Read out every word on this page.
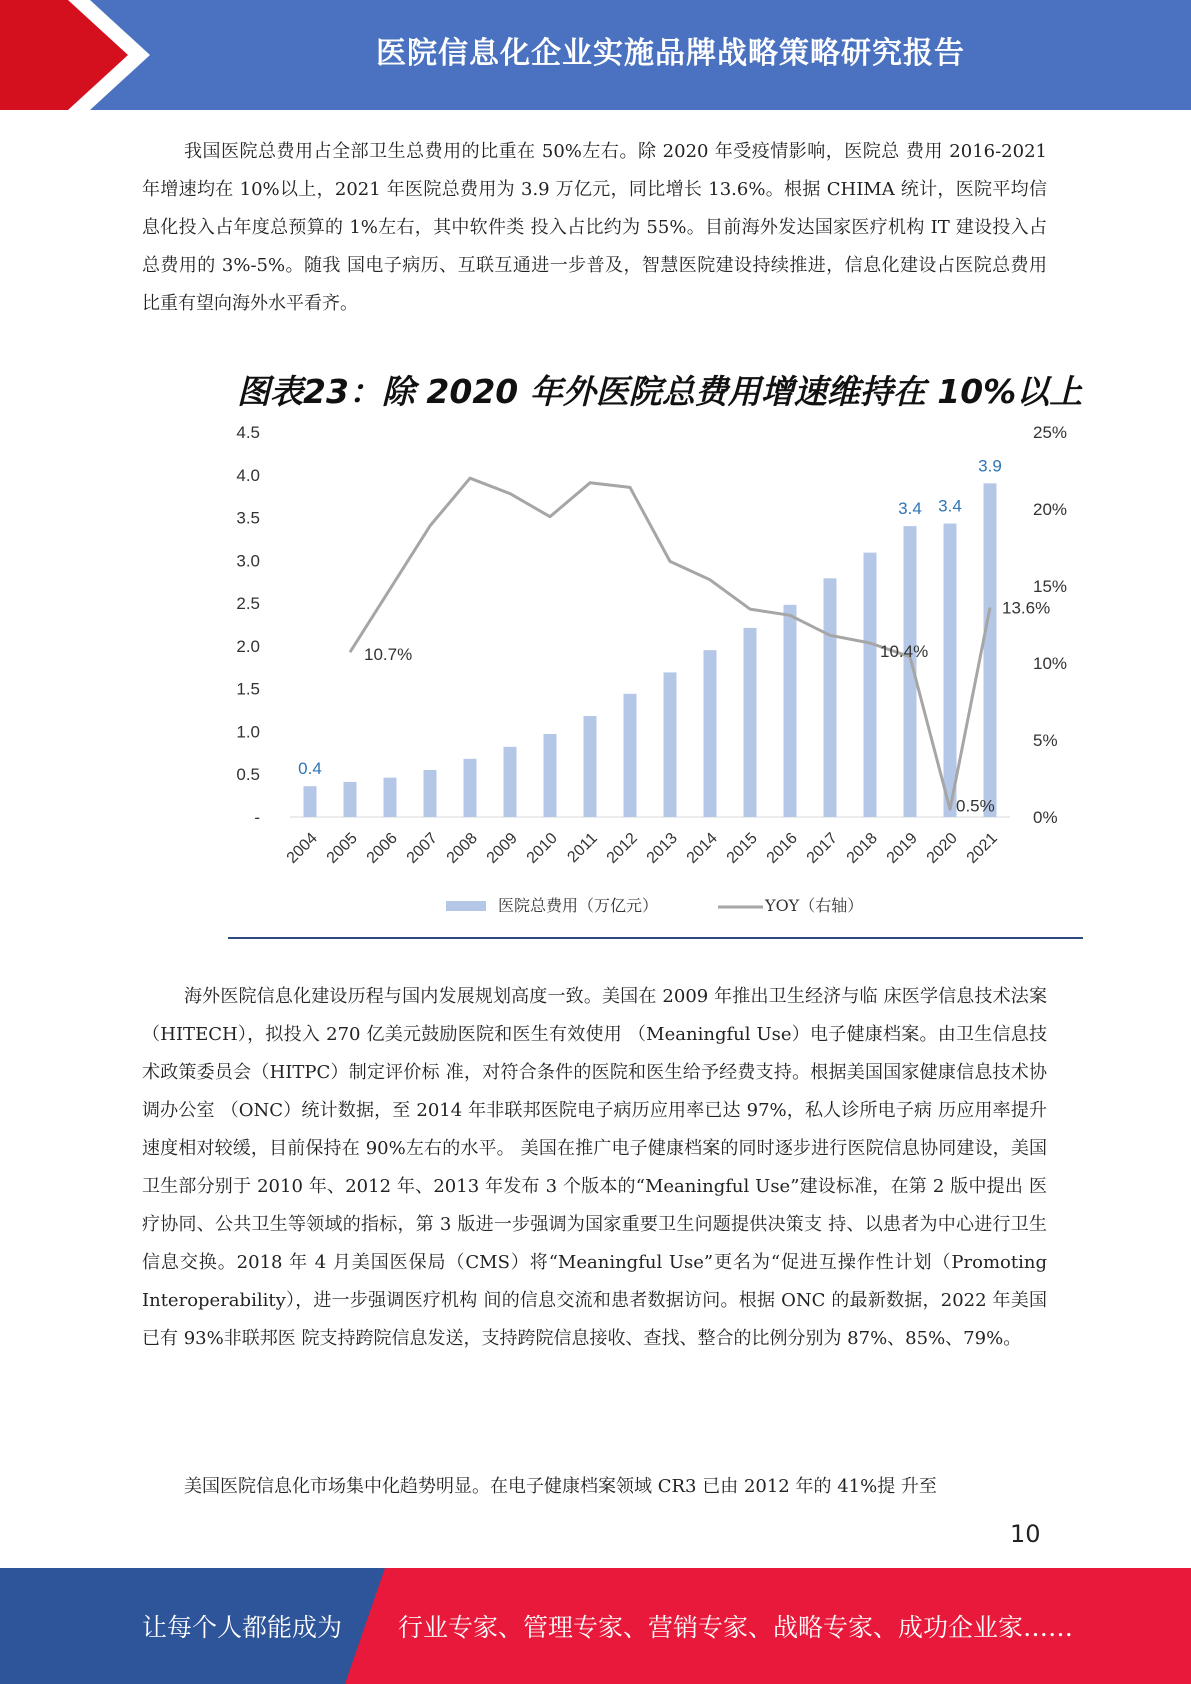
医院信息化企业实施品牌战略策略研究报告

我国医院总费用占全部卫生总费用的比重在 50%左右。除 2020 年受疫情影响，医院总 费用 2016-2021 年增速均在 10%以上，2021 年医院总费用为 3.9 万亿元，同比增长 13.6%。根据 CHIMA 统计，医院平均信息化投入占年度总预算的 1%左右，其中软件类 投入占比约为 55%。目前海外发达国家医疗机构 IT 建设投入占总费用的 3%-5%。随我 国电子病历、互联互通进一步普及，智慧医院建设持续推进，信息化建设占医院总费用 比重有望向海外水平看齐。

图表23：除 2020 年外医院总费用增速维持在 10%以上
-
0.5
1.0
1.5
2.0
2.5
3.0
3.5
4.0
4.5
0%
5%
10%
15%
20%
25%
0.4
3.4 3.4
3.9
10.7%	10.4%
0.5%
13.6%
2004 2005 2006 2007 2008 2009 2010 2011 2012 2013 2014 2015 2016 2017 2018 2019 2020 2021
医院总费用（万亿元）	YOY（右轴）

海外医院信息化建设历程与国内发展规划高度一致。美国在 2009 年推出卫生经济与临 床医学信息技术法案（HITECH），拟投入 270 亿美元鼓励医院和医生有效使用 （Meaningful Use）电子健康档案。由卫生信息技术政策委员会（HITPC）制定评价标 准，对符合条件的医院和医生给予经费支持。根据美国国家健康信息技术协调办公室 （ONC）统计数据，至 2014 年非联邦医院电子病历应用率已达 97%，私人诊所电子病 历应用率提升速度相对较缓，目前保持在 90%左右的水平。 美国在推广电子健康档案的同时逐步进行医院信息协同建设，美国卫生部分别于 2010 年、2012 年、2013 年发布 3 个版本的“Meaningful Use”建设标准，在第 2 版中提出 医疗协同、公共卫生等领域的指标，第 3 版进一步强调为国家重要卫生问题提供决策支 持、以患者为中心进行卫生信息交换。2018 年 4 月美国医保局（CMS）将“Meaningful Use”更名为“促进互操作性计划（Promoting Interoperability），进一步强调医疗机构 间的信息交流和患者数据访问。根据 ONC 的最新数据，2022 年美国已有 93%非联邦医 院支持跨院信息发送，支持跨院信息接收、查找、整合的比例分别为 87%、85%、79%。

美国医院信息化市场集中化趋势明显。在电子健康档案领域 CR3 已由 2012 年的 41%提 升至

10
让每个人都能成为 行业专家、管理专家、营销专家、战略专家、成功企业家……
